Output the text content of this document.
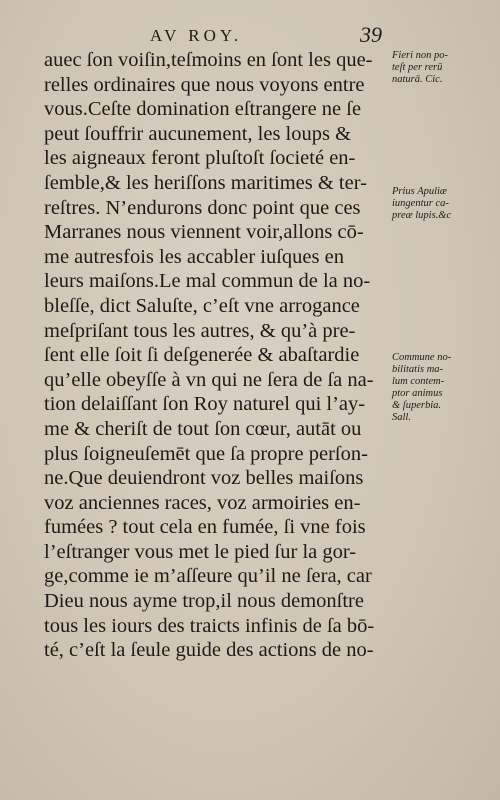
AV ROY.	39
auec ſon voiſin,teſmoins en ſont les que-
relles ordinaires que nous voyons entre
vous.Ceſte domination eſtrangere ne ſe
peut ſouffrir aucunement, les loups &
les aigneaux feront pluſtoſt ſocieté en-
ſemble,& les heriſſons maritimes & ter-
reſtres. N’endurons donc point que ces
Marranes nous viennent voir,allons cō-
me autresfois les accabler iuſques en
leurs maiſons.Le mal commun de la no-
bleſſe, dict Saluſte, c’eſt vne arrogance
meſpriſant tous les autres, & qu’à pre-
ſent elle ſoit ſi deſgenerée & abaſtardie
qu’elle obeyſſe à vn qui ne ſera de ſa na-
tion delaiſſant ſon Roy naturel qui l’ay-
me & cheriſt de tout ſon cœur, autāt ou
plus ſoigneuſemēt que ſa propre perſon-
ne.Que deuiendront voz belles maiſons
voz anciennes races, voz armoiries en-
fumées ? tout cela en fumée, ſi vne fois
l’eſtranger vous met le pied ſur la gor-
ge,comme ie m’aſſeure qu’il ne ſera, car
Dieu nous ayme trop,il nous demonſtre
tous les iours des traicts infinis de ſa bō-
té, c’eſt la ſeule guide des actions de no-
Fieri non po-
teſt per rerū
naturā. Cic.
Prius Apuliæ
iungentur ca-
preæ lupis.&c
Commune no-
bilitatis ma-
lum contem-
ptor animus
& ſuperbia.
Sall.
